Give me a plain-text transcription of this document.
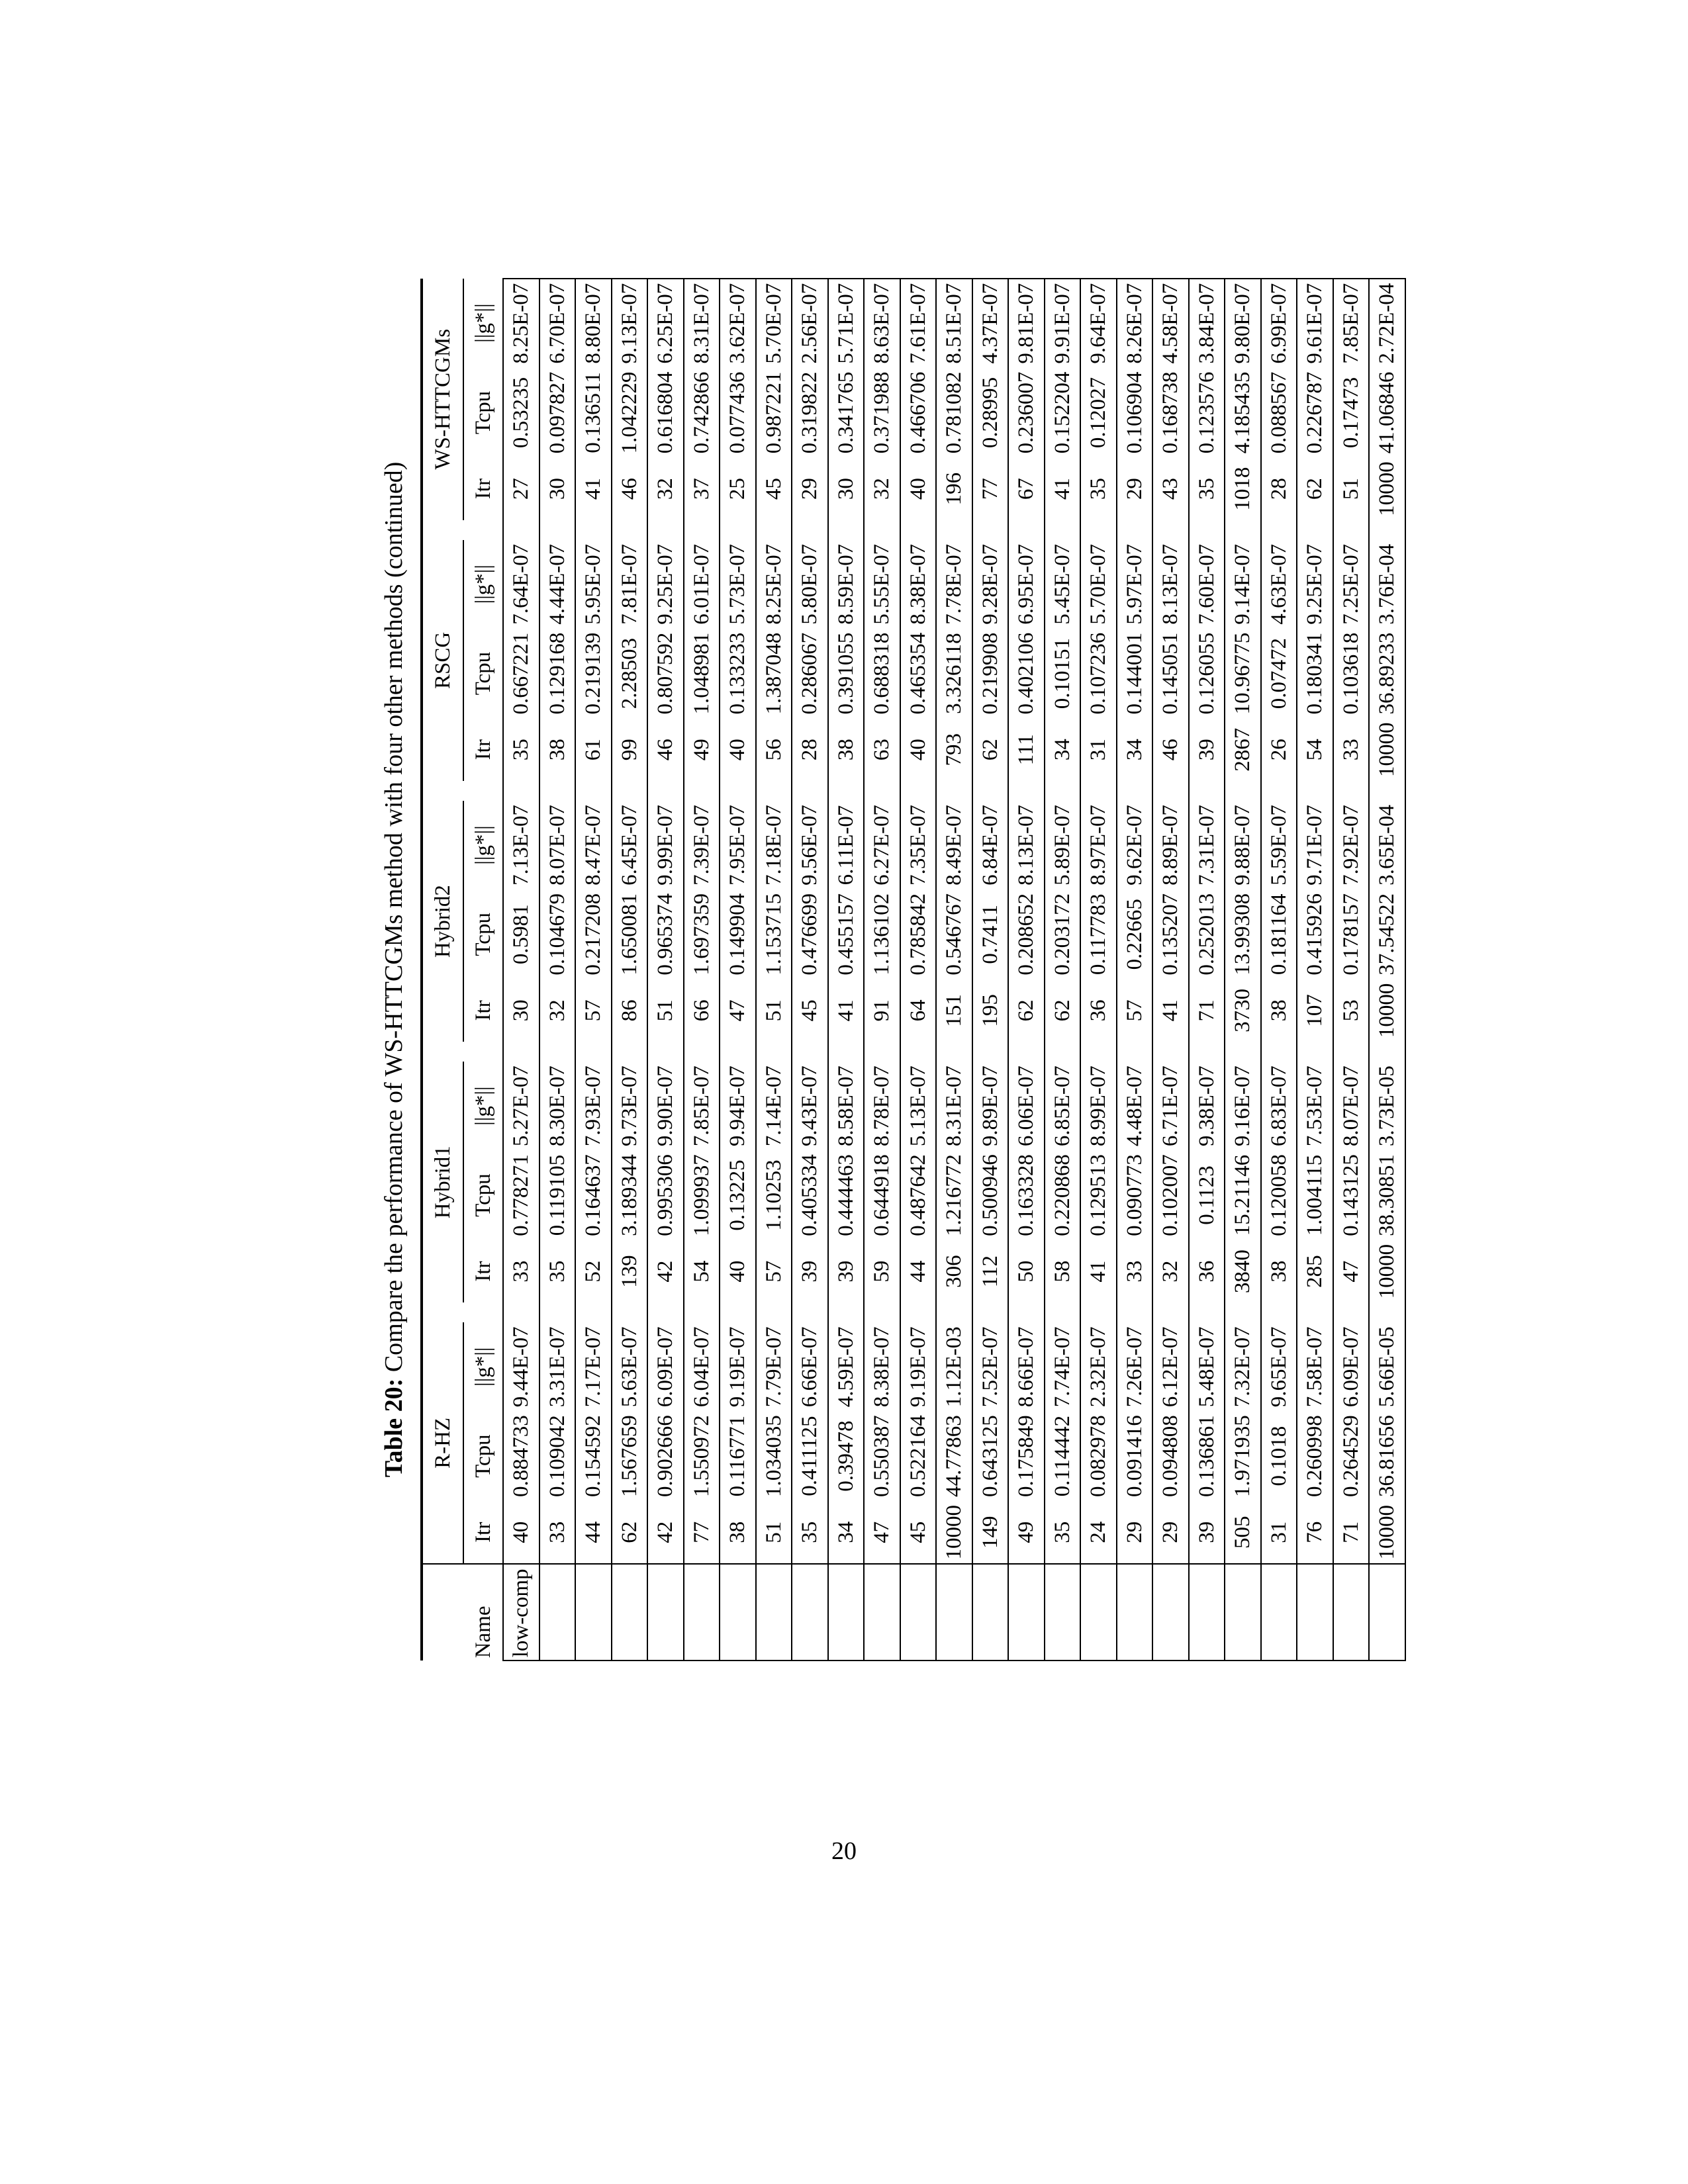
Table 20: Compare the performance of WS-HTTCGMs method with four other methods (continued)
	R-HZ				Hybrid1				Hybrid2				RSCG				WS-HTTCGMs		
Name	Itr	Tcpu	||g*||		Itr	Tcpu	||g*||		Itr	Tcpu	||g*||		Itr	Tcpu	||g*||		Itr	Tcpu	||g*||
low-comp	40	0.884733	9.44E-07		33	0.778271	5.27E-07		30	0.5981	7.13E-07		35	0.667221	7.64E-07		27	0.53235	8.25E-07
	33	0.109042	3.31E-07		35	0.119105	8.30E-07		32	0.104679	8.07E-07		38	0.129168	4.44E-07		30	0.097827	6.70E-07
	44	0.154592	7.17E-07		52	0.164637	7.93E-07		57	0.217208	8.47E-07		61	0.219139	5.95E-07		41	0.136511	8.80E-07
	62	1.567659	5.63E-07		139	3.189344	9.73E-07		86	1.650081	6.45E-07		99	2.28503	7.81E-07		46	1.042229	9.13E-07
	42	0.902666	6.09E-07		42	0.995306	9.90E-07		51	0.965374	9.99E-07		46	0.807592	9.25E-07		32	0.616804	6.25E-07
	77	1.550972	6.04E-07		54	1.099937	7.85E-07		66	1.697359	7.39E-07		49	1.048981	6.01E-07		37	0.742866	8.31E-07
	38	0.116771	9.19E-07		40	0.13225	9.94E-07		47	0.149904	7.95E-07		40	0.133233	5.73E-07		25	0.077436	3.62E-07
	51	1.034035	7.79E-07		57	1.10253	7.14E-07		51	1.153715	7.18E-07		56	1.387048	8.25E-07		45	0.987221	5.70E-07
	35	0.411125	6.66E-07		39	0.405334	9.43E-07		45	0.476699	9.56E-07		28	0.286067	5.80E-07		29	0.319822	2.56E-07
	34	0.39478	4.59E-07		39	0.444463	8.58E-07		41	0.455157	6.11E-07		38	0.391055	8.59E-07		30	0.341765	5.71E-07
	47	0.550387	8.38E-07		59	0.644918	8.78E-07		91	1.136102	6.27E-07		63	0.688318	5.55E-07		32	0.371988	8.63E-07
	45	0.522164	9.19E-07		44	0.487642	5.13E-07		64	0.785842	7.35E-07		40	0.465354	8.38E-07		40	0.466706	7.61E-07
	10000	44.77863	1.12E-03		306	1.216772	8.31E-07		151	0.546767	8.49E-07		793	3.326118	7.78E-07		196	0.781082	8.51E-07
	149	0.643125	7.52E-07		112	0.500946	9.89E-07		195	0.7411	6.84E-07		62	0.219908	9.28E-07		77	0.28995	4.37E-07
	49	0.175849	8.66E-07		50	0.163328	6.06E-07		62	0.208652	8.13E-07		111	0.402106	6.95E-07		67	0.236007	9.81E-07
	35	0.114442	7.74E-07		58	0.220868	6.85E-07		62	0.203172	5.89E-07		34	0.10151	5.45E-07		41	0.152204	9.91E-07
	24	0.082978	2.32E-07		41	0.129513	8.99E-07		36	0.117783	8.97E-07		31	0.107236	5.70E-07		35	0.12027	9.64E-07
	29	0.091416	7.26E-07		33	0.090773	4.48E-07		57	0.22665	9.62E-07		34	0.144001	5.97E-07		29	0.106904	8.26E-07
	29	0.094808	6.12E-07		32	0.102007	6.71E-07		41	0.135207	8.89E-07		46	0.145051	8.13E-07		43	0.168738	4.58E-07
	39	0.136861	5.48E-07		36	0.1123	9.38E-07		71	0.252013	7.31E-07		39	0.126055	7.60E-07		35	0.123576	3.84E-07
	505	1.971935	7.32E-07		3840	15.21146	9.16E-07		3730	13.99308	9.88E-07		2867	10.96775	9.14E-07		1018	4.185435	9.80E-07
	31	0.1018	9.65E-07		38	0.120058	6.83E-07		38	0.181164	5.59E-07		26	0.07472	4.63E-07		28	0.088567	6.99E-07
	76	0.260998	7.58E-07		285	1.004115	7.53E-07		107	0.415926	9.71E-07		54	0.180341	9.25E-07		62	0.226787	9.61E-07
	71	0.264529	6.09E-07		47	0.143125	8.07E-07		53	0.178157	7.92E-07		33	0.103618	7.25E-07		51	0.17473	7.85E-07
	10000	36.81656	5.66E-05		10000	38.30851	3.73E-05		10000	37.54522	3.65E-04		10000	36.89233	3.76E-04		10000	41.06846	2.72E-04
20
